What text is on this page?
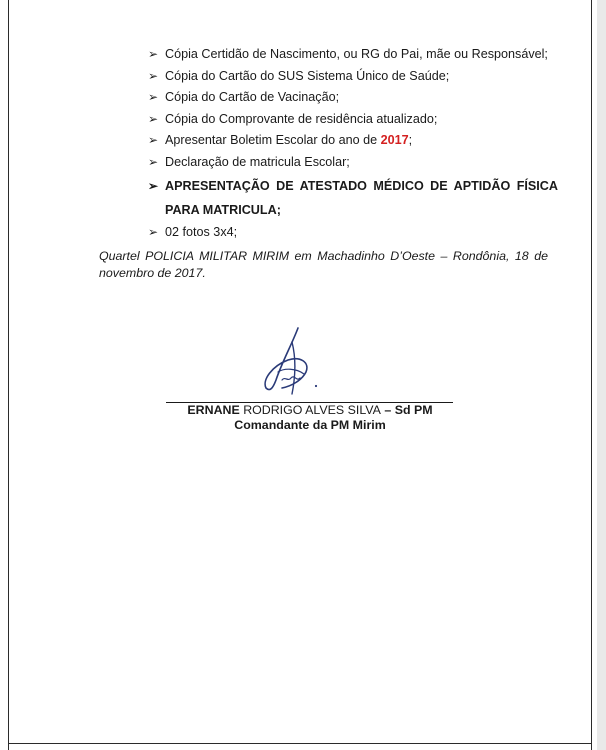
➢ Cópia Certidão de Nascimento, ou RG do Pai, mãe ou Responsável;
➢ Cópia do Cartão do SUS Sistema Único de Saúde;
➢ Cópia do Cartão de Vacinação;
➢ Cópia do Comprovante de residência atualizado;
➢ Apresentar Boletim Escolar do ano de 2017;
➢ Declaração de matricula Escolar;
➢ APRESENTAÇÃO DE ATESTADO MÉDICO DE APTIDÃO FÍSICA PARA MATRICULA;
➢ 02 fotos 3x4;

Quartel POLICIA MILITAR MIRIM em Machadinho D’Oeste – Rondônia, 18 de novembro de 2017.

ERNANE RODRIGO ALVES SILVA – Sd PM
Comandante da PM Mirim
